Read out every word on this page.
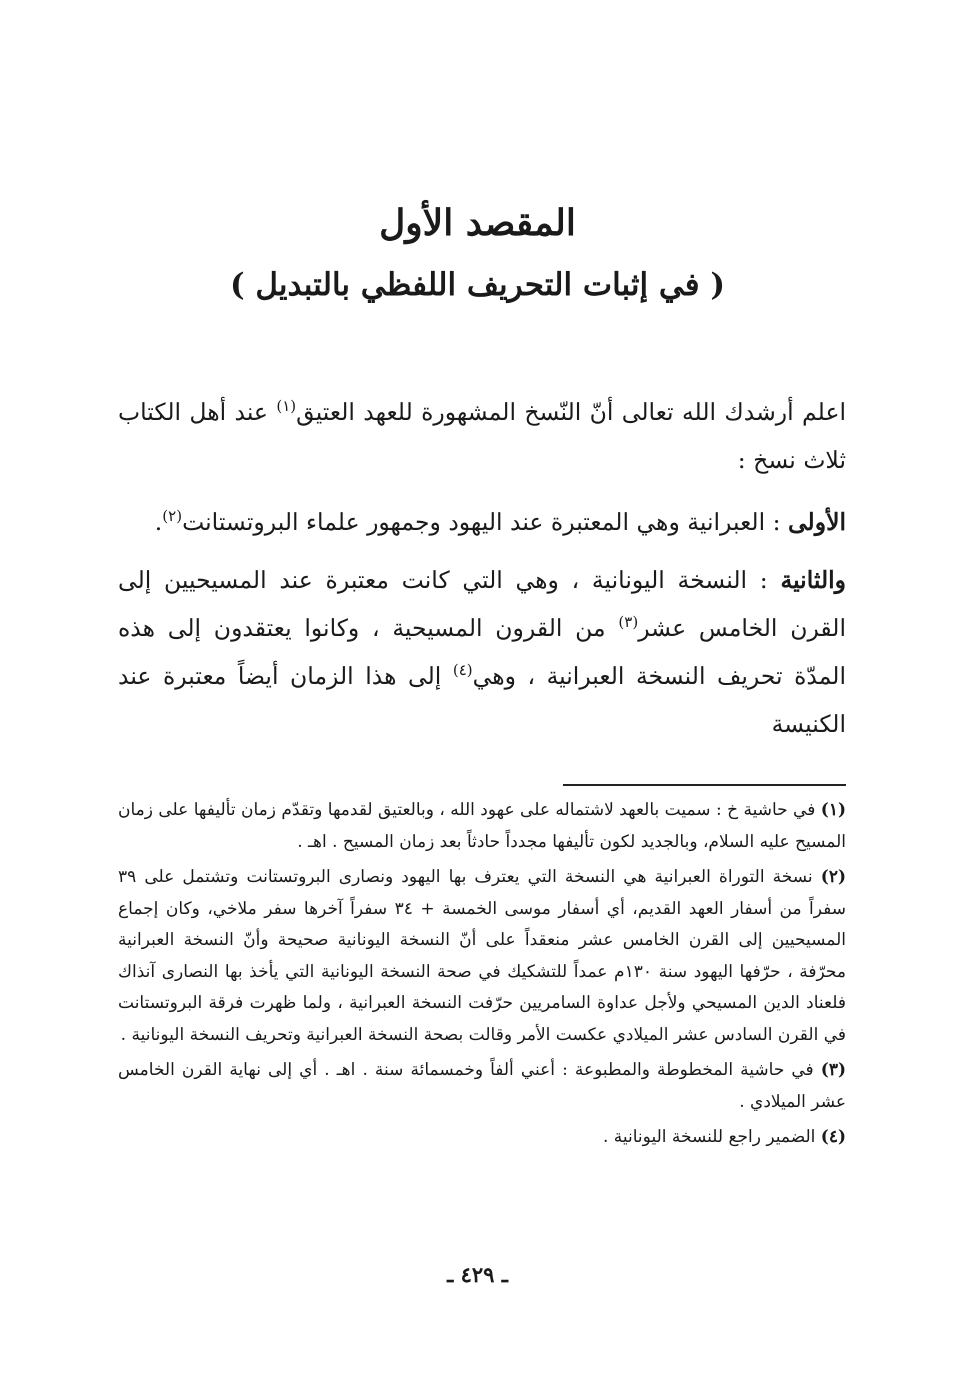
المقصد الأول
( في إثبات التحريف اللفظي بالتبديل )

اعلم أرشدك الله تعالى أنّ النّسخ المشهورة للعهد العتيق$^{(١)}$ عند أهل الكتاب ثلاث نسخ :

الأولى : العبرانية وهي المعتبرة عند اليهود وجمهور علماء البروتستانت$^{(٢)}$.

والثانية : النسخة اليونانية ، وهي التي كانت معتبرة عند المسيحيين إلى القرن الخامس عشر$^{(٣)}$ من القرون المسيحية ، وكانوا يعتقدون إلى هذه المدّة تحريف النسخة العبرانية ، وهي$^{(٤)}$ إلى هذا الزمان أيضاً معتبرة عند الكنيسة

(١) في حاشية خ : سميت بالعهد لاشتماله على عهود الله ، وبالعتيق لقدمها وتقدّم زمان تأليفها على زمان المسيح عليه السلام، وبالجديد لكون تأليفها مجدداً حادثاً بعد زمان المسيح . اهـ .

(٢) نسخة التوراة العبرانية هي النسخة التي يعترف بها اليهود ونصارى البروتستانت وتشتمل على ٣٩ سفراً من أسفار العهد القديم، أي أسفار موسى الخمسة + ٣٤ سفراً آخرها سفر ملاخي، وكان إجماع المسيحيين إلى القرن الخامس عشر منعقداً على أنّ النسخة اليونانية صحيحة وأنّ النسخة العبرانية محرّفة ، حرّفها اليهود سنة ١٣٠م عمداً للتشكيك في صحة النسخة اليونانية التي يأخذ بها النصارى آنذاك فلعناد الدين المسيحي ولأجل عداوة السامريين حرّفت النسخة العبرانية ، ولما ظهرت فرقة البروتستانت في القرن السادس عشر الميلادي عكست الأمر وقالت بصحة النسخة العبرانية وتحريف النسخة اليونانية .

(٣) في حاشية المخطوطة والمطبوعة : أعني ألفاً وخمسمائة سنة . اهـ . أي إلى نهاية القرن الخامس عشر الميلادي .

(٤) الضمير راجع للنسخة اليونانية .

ـ ٤٢٩ ـ
